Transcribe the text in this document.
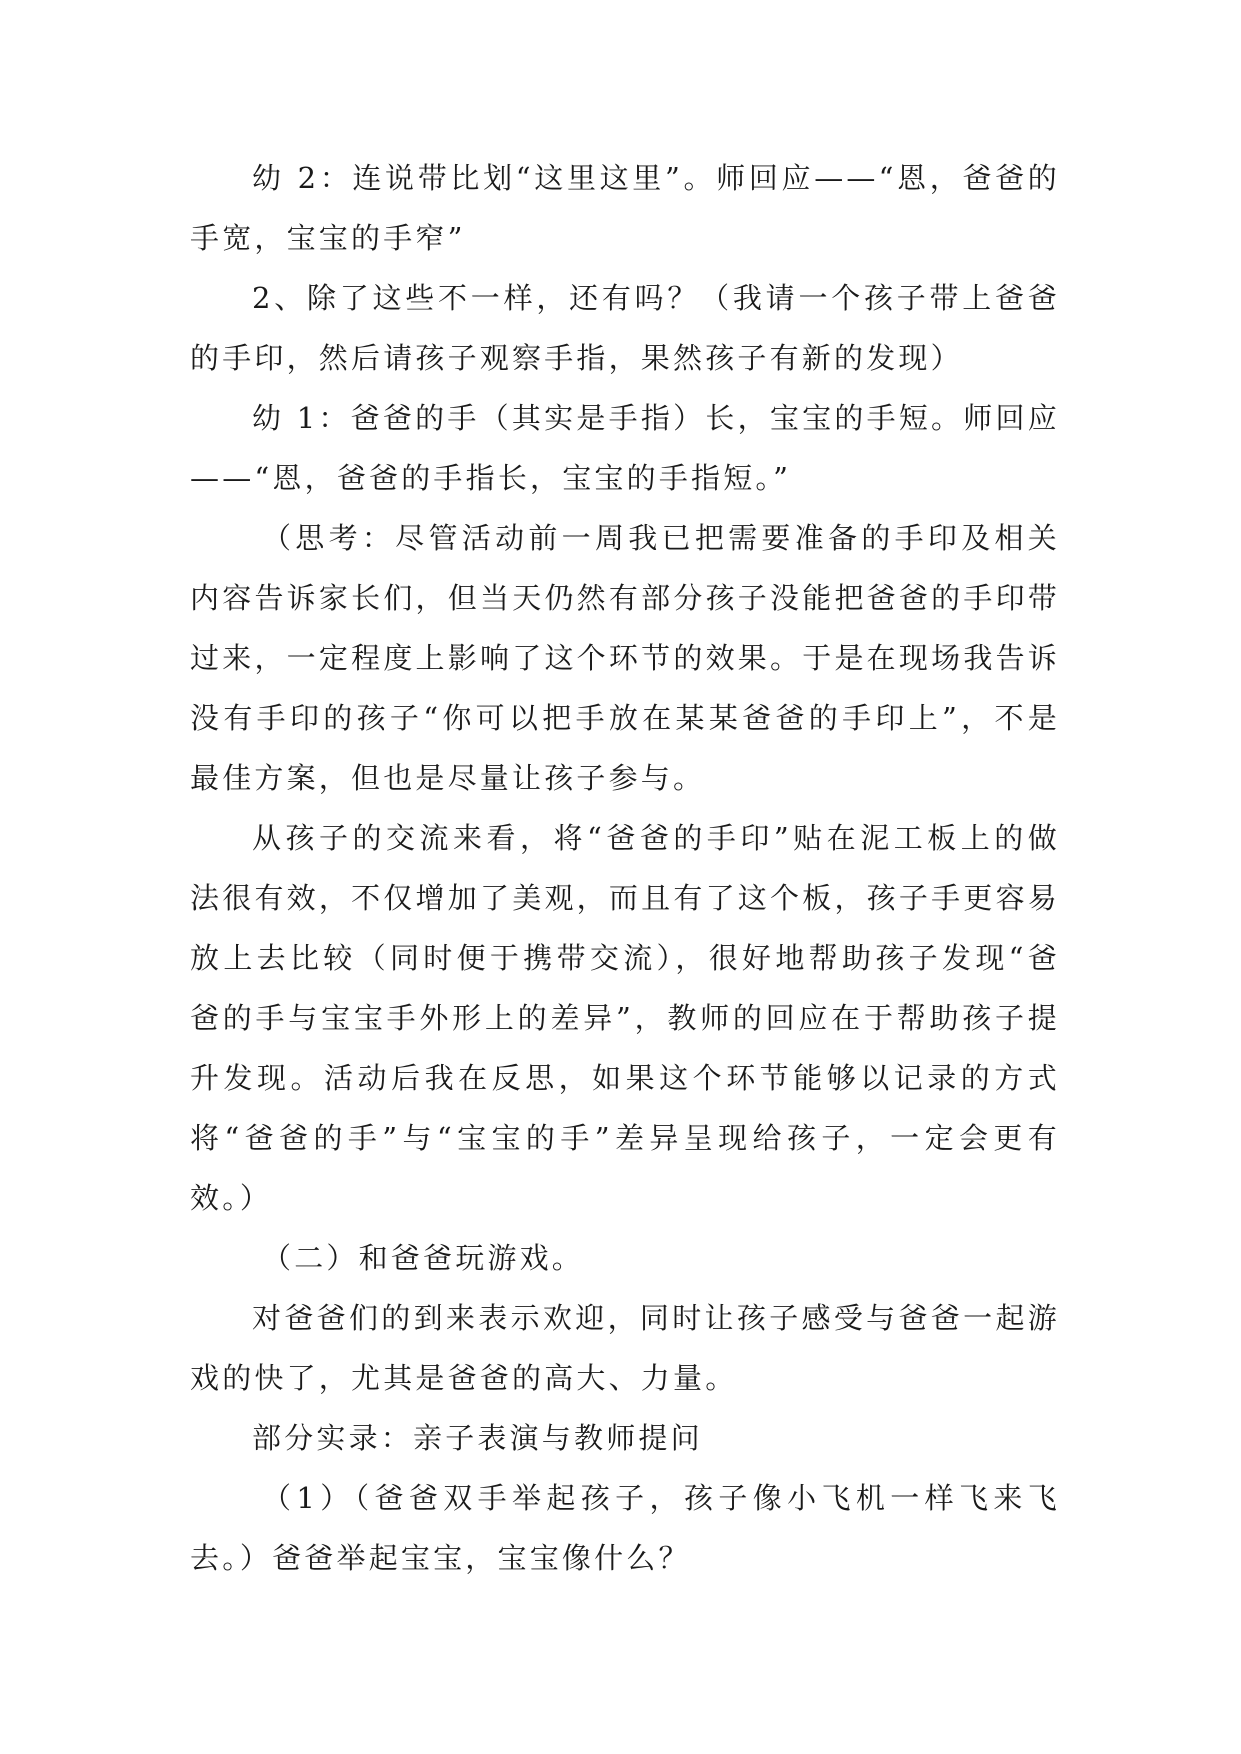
幼 2：连说带比划“这里这里”。师回应——“恩，爸爸的手宽，宝宝的手窄”

2、除了这些不一样，还有吗？（我请一个孩子带上爸爸的手印，然后请孩子观察手指，果然孩子有新的发现）

幼 1：爸爸的手（其实是手指）长，宝宝的手短。师回应——“恩，爸爸的手指长，宝宝的手指短。”

（思考：尽管活动前一周我已把需要准备的手印及相关内容告诉家长们，但当天仍然有部分孩子没能把爸爸的手印带过来，一定程度上影响了这个环节的效果。于是在现场我告诉没有手印的孩子“你可以把手放在某某爸爸的手印上”，不是最佳方案，但也是尽量让孩子参与。

从孩子的交流来看，将“爸爸的手印”贴在泥工板上的做法很有效，不仅增加了美观，而且有了这个板，孩子手更容易放上去比较（同时便于携带交流），很好地帮助孩子发现“爸爸的手与宝宝手外形上的差异”，教师的回应在于帮助孩子提升发现。活动后我在反思，如果这个环节能够以记录的方式将“爸爸的手”与“宝宝的手”差异呈现给孩子，一定会更有效。）

（二）和爸爸玩游戏。

对爸爸们的到来表示欢迎，同时让孩子感受与爸爸一起游戏的快了，尤其是爸爸的高大、力量。

部分实录：亲子表演与教师提问

（1）（爸爸双手举起孩子，孩子像小飞机一样飞来飞去。）爸爸举起宝宝，宝宝像什么？
